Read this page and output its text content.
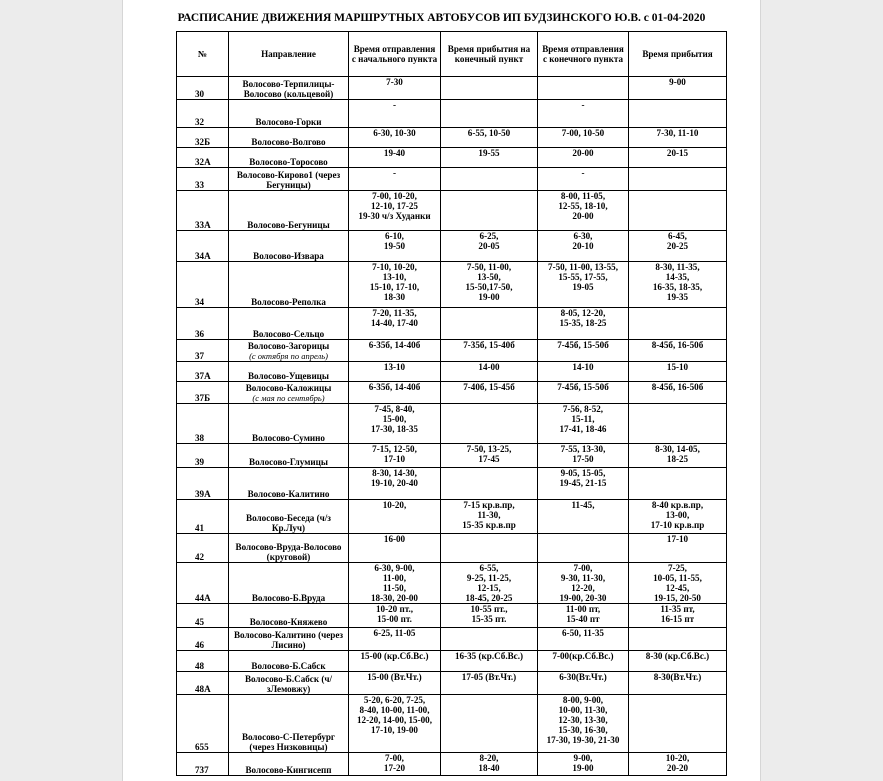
РАСПИСАНИЕ ДВИЖЕНИЯ МАРШРУТНЫХ АВТОБУСОВ ИП БУДЗИНСКОГО Ю.В. с 01-04-2020
№	Направление	Время отправления с начального пункта	Время прибытия на конечный пункт	Время отправления с конечного пункта	Время прибытия
30	Волосово-Терпилицы-Волосово (кольцевой)	7-30			9-00
32	Волосово-Горки	-		-	
32Б	Волосово-Волгово	6-30, 10-30	6-55, 10-50	7-00, 10-50	7-30, 11-10
32А	Волосово-Торосово	19-40	19-55	20-00	20-15
33	Волосово-Кирово1 (через Бегуницы)	-		-	
33А	Волосово-Бегуницы	7-00, 10-20,
12-10, 17-25
19-30 ч/з Худанки		8-00, 11-05,
12-55, 18-10,
20-00	
34А	Волосово-Извара	6-10,
19-50	6-25,
20-05	6-30,
20-10	6-45,
20-25
34	Волосово-Реполка	7-10, 10-20,
13-10,
15-10, 17-10,
18-30	7-50, 11-00,
13-50,
15-50,17-50,
19-00	7-50, 11-00, 13-55,
15-55, 17-55,
19-05	8-30, 11-35,
14-35,
16-35, 18-35,
19-35
36	Волосово-Сельцо	7-20, 11-35,
14-40, 17-40		8-05, 12-20,
15-35, 18-25	
37	Волосово-Загорицы
(с октября по апрель)	6-35б, 14-40б	7-35б, 15-40б	7-45б, 15-50б	8-45б, 16-50б
37А	Волосово-Ущевицы	13-10	14-00	14-10	15-10
37Б	Волосово-Каложицы
(с мая по сентябрь)	6-35б, 14-40б	7-40б, 15-45б	7-45б, 15-50б	8-45б, 16-50б
38	Волосово-Сумино	7-45, 8-40,
15-00,
17-30, 18-35		7-56, 8-52,
15-11,
17-41, 18-46	
39	Волосово-Глумицы	7-15, 12-50,
17-10	7-50, 13-25,
17-45	7-55, 13-30,
17-50	8-30, 14-05,
18-25
39А	Волосово-Калитино	8-30, 14-30,
19-10, 20-40		9-05, 15-05,
19-45, 21-15	
41	Волосово-Беседа (ч/з Кр.Луч)	10-20,	7-15 кр.в.пр,
11-30,
15-35 кр.в.пр	11-45,	8-40 кр.в.пр,
13-00,
17-10 кр.в.пр
42	Волосово-Вруда-Волосово (круговой)	16-00			17-10
44А	Волосово-Б.Вруда	6-30, 9-00,
11-00,
11-50,
18-30, 20-00	6-55,
9-25, 11-25,
12-15,
18-45, 20-25	7-00,
9-30, 11-30,
12-20,
19-00, 20-30	7-25,
10-05, 11-55,
12-45,
19-15, 20-50
45	Волосово-Княжево	10-20 пт.,
15-00 пт.	10-55 пт.,
15-35 пт.	11-00 пт,
15-40 пт	11-35 пт,
16-15 пт
46	Волосово-Калитино (через Лисино)	6-25, 11-05		6-50, 11-35	
48	Волосово-Б.Сабск	15-00 (кр.Сб.Вс.)	16-35 (кр.Сб.Вс.)	7-00(кр.Сб.Вс.)	8-30 (кр.Сб.Вс.)
48А	Волосово-Б.Сабск (ч/зЛемовжу)	15-00 (Вт.Чт.)	17-05 (Вт.Чт.)	6-30(Вт.Чт.)	8-30(Вт.Чт.)
655	Волосово-С-Петербург (через Низковицы)	5-20, 6-20, 7-25,
8-40, 10-00, 11-00,
12-20, 14-00, 15-00,
17-10, 19-00		8-00, 9-00,
10-00, 11-30,
12-30, 13-30,
15-30, 16-30,
17-30, 19-30, 21-30	
737	Волосово-Кингисепп	7-00,
17-20	8-20,
18-40	9-00,
19-00	10-20,
20-20
